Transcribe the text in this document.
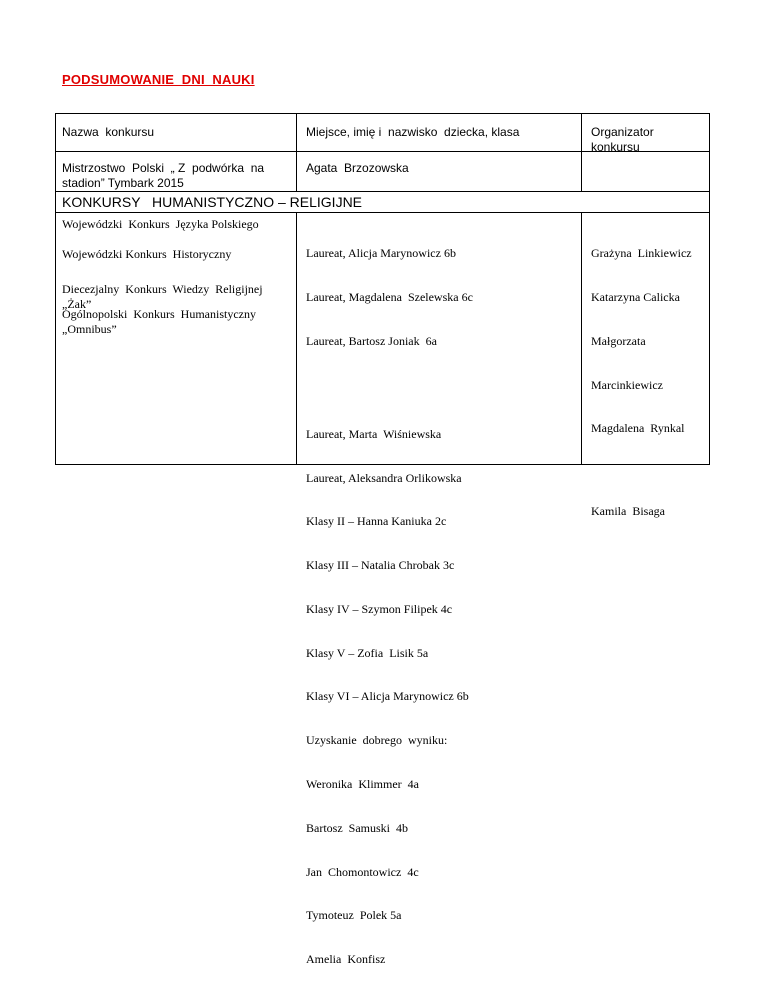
PODSUMOWANIE  DNI  NAUKI
Nazwa  konkursu	Miejsce, imię i  nazwisko  dziecka, klasa	Organizator
konkursu
Mistrzostwo  Polski  „ Z  podwórka  na
stadion” Tymbark 2015
Agata  Brzozowska
KONKURSY   HUMANISTYCZNO – RELIGIJNE
Wojewódzki  Konkurs  Języka Polskiego
Wojewódzki Konkurs  Historyczny
Diecezjalny  Konkurs  Wiedzy  Religijnej
„Żak”
Ogólnopolski  Konkurs  Humanistyczny
„Omnibus”

Laureat, Alicja Marynowicz 6b

Laureat, Magdalena  Szelewska 6c

Laureat, Bartosz Joniak  6a

Laureat, Marta  Wiśniewska

Laureat, Aleksandra Orlikowska

Klasy II – Hanna Kaniuka 2c

Klasy III – Natalia Chrobak 3c

Klasy IV – Szymon Filipek 4c

Klasy V – Zofia  Lisik 5a

Klasy VI – Alicja Marynowicz 6b

Uzyskanie  dobrego  wyniku:

Weronika  Klimmer  4a

Bartosz  Samuski  4b

Jan  Chomontowicz  4c

Tymoteuz  Polek 5a

Amelia  Konfisz

Grażyna  Linkiewicz

Katarzyna Calicka

Małgorzata

Marcinkiewicz

Magdalena  Rynkal

Kamila  Bisaga
